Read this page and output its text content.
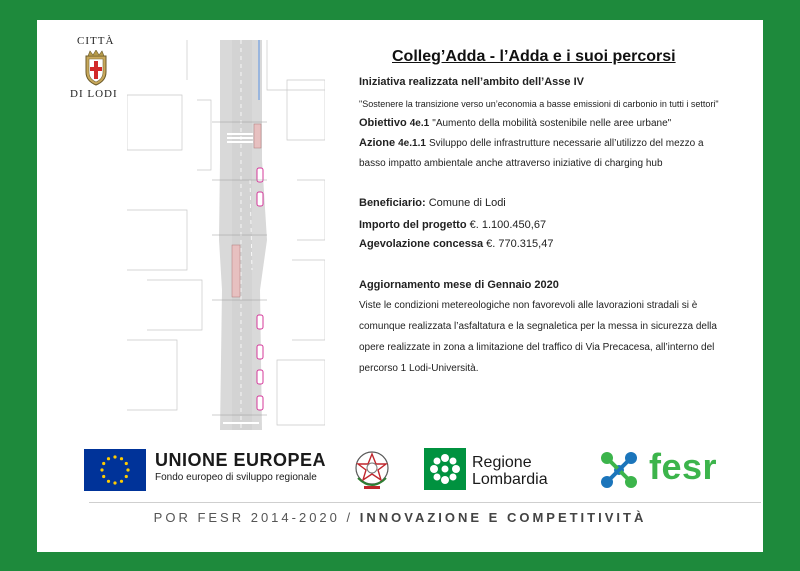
CITTÀ
DI LODI
Colleg’Adda - l’Adda e i suoi percorsi
Iniziativa realizzata nell’ambito dell’Asse IV
"Sostenere la transizione verso un’economia a basse emissioni di carbonio in tutti i settori"
Obiettivo 4e.1 "Aumento della mobilità sostenibile nelle aree urbane"
Azione 4e.1.1 Sviluppo delle infrastrutture necessarie all’utilizzo del mezzo a
basso impatto ambientale anche attraverso iniziative di charging hub
Beneficiario: Comune di Lodi
Importo del progetto €. 1.100.450,67
Agevolazione concessa €. 770.315,47
Aggiornamento mese di Gennaio 2020
Viste le condizioni metereologiche non favorevoli alle lavorazioni stradali si è
comunque realizzata l’asfaltatura e la segnaletica per la messa in sicurezza della
opere realizzate in zona a limitazione del traffico di Via Precacesa, all’interno del
percorso 1 Lodi-Università.
UNIONE EUROPEA
Fondo europeo di sviluppo regionale
Regione
Lombardia	fesr
POR FESR 2014-2020 / INNOVAZIONE E COMPETITIVITÀ
